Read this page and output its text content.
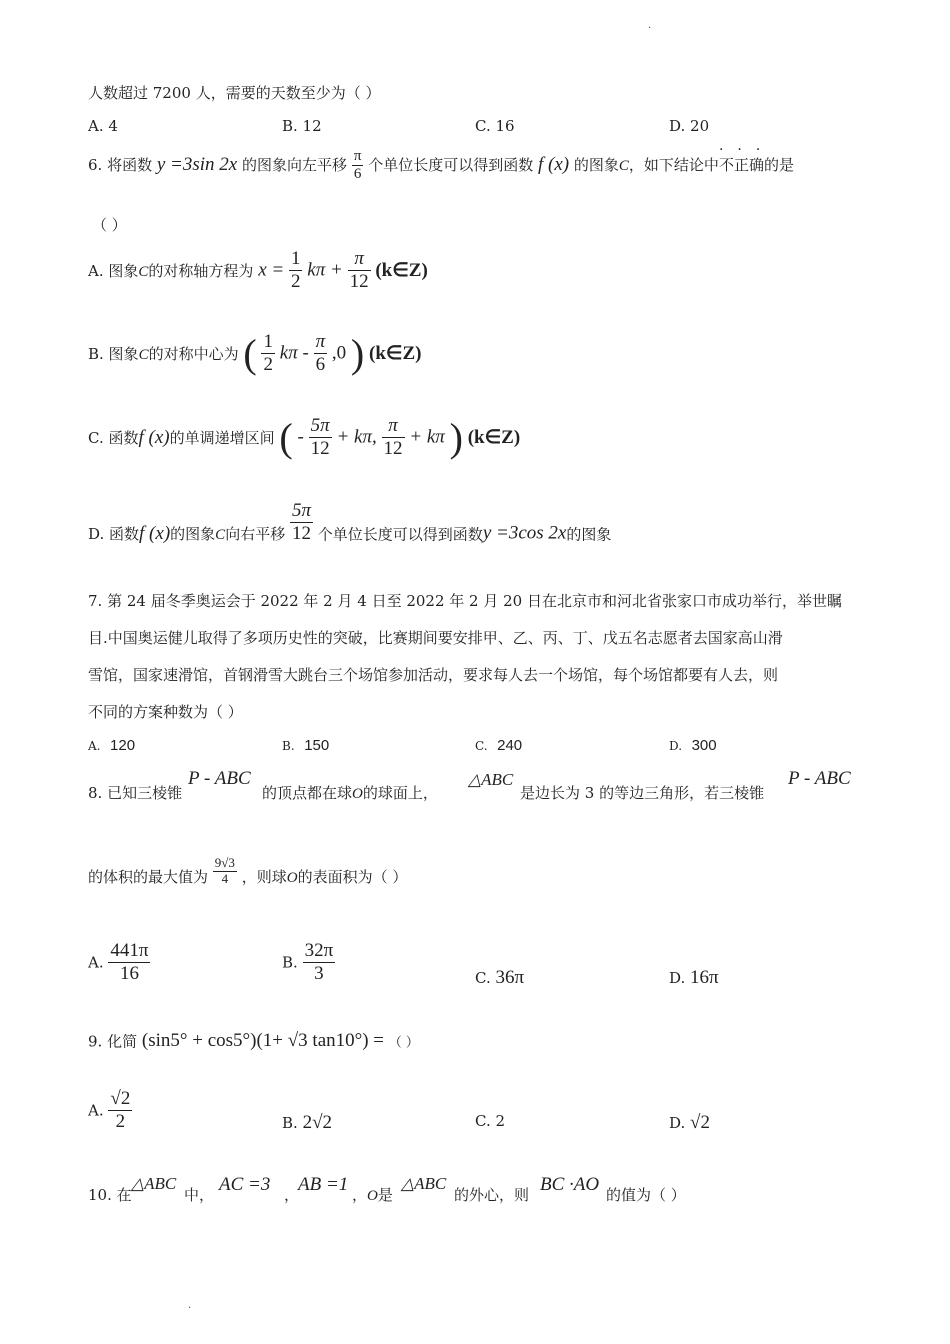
.
.
人数超过 7200 人，需要的天数至少为（ ）
A. 4	B. 12	C. 16	D. 20
6. 将函数 y =3sin 2x 的图象向左平移 $\frac{\pi}{6}$ 个单位长度可以得到函数 f (x) 的图象C，如下结论中
···
不正确的是
（ ）
A. 图象C的对称轴方程为 $x = \frac{1}{2}$ $k\pi + \frac{\pi}{12}$ (k∈Z)
B. 图象C的对称中心为 ( $\frac{1}{2}$ kπ - $\frac{\pi}{6} ,0$ ) (k∈Z)
C. 函数f (x)的单调递增区间 ( - $\frac{5\pi}{12} + k\pi$, $\frac{\pi}{12} + k\pi$ ) (k∈Z)
D. 函数f (x)的图象C向右平移 $\frac{5\pi}{12}$ 个单位长度可以得到函数y =3cos 2x的图象
7. 第 24 届冬季奥运会于 2022 年 2 月 4 日至 2022 年 2 月 20 日在北京市和河北省张家口市成功举行，举世瞩
目.中国奥运健儿取得了多项历史性的突破，比赛期间要安排甲、乙、丙、丁、戊五名志愿者去国家高山滑
雪馆，国家速滑馆，首钢滑雪大跳台三个场馆参加活动，要求每人去一个场馆，每个场馆都要有人去，则
不同的方案种数为（ ）
A. 120	B. 150	C. 240	D. 300
8. 已知三棱锥
P - ABC
的顶点都在球O的球面上，
△ABC
是边长为 3 的等边三角形，若三棱锥
P - ABC
的体积的最大值为 $\frac{9√3}{4}$ ，则球O的表面积为（ ）
A. $\frac{441\pi}{16}$	B. $\frac{32\pi}{3}$	C. 36π	D. 16π
9. 化简 (sin5° + cos5°)(1+ √3 tan10°) = （ ）
A. $\frac{√2}{2}$	B. 2√2	C. 2	D. √2
10. 在
△ABC
中， AC =3 ，
AB =1 ，O是
△ABC
的外心，则 BC ·AO 的值为（ ）
